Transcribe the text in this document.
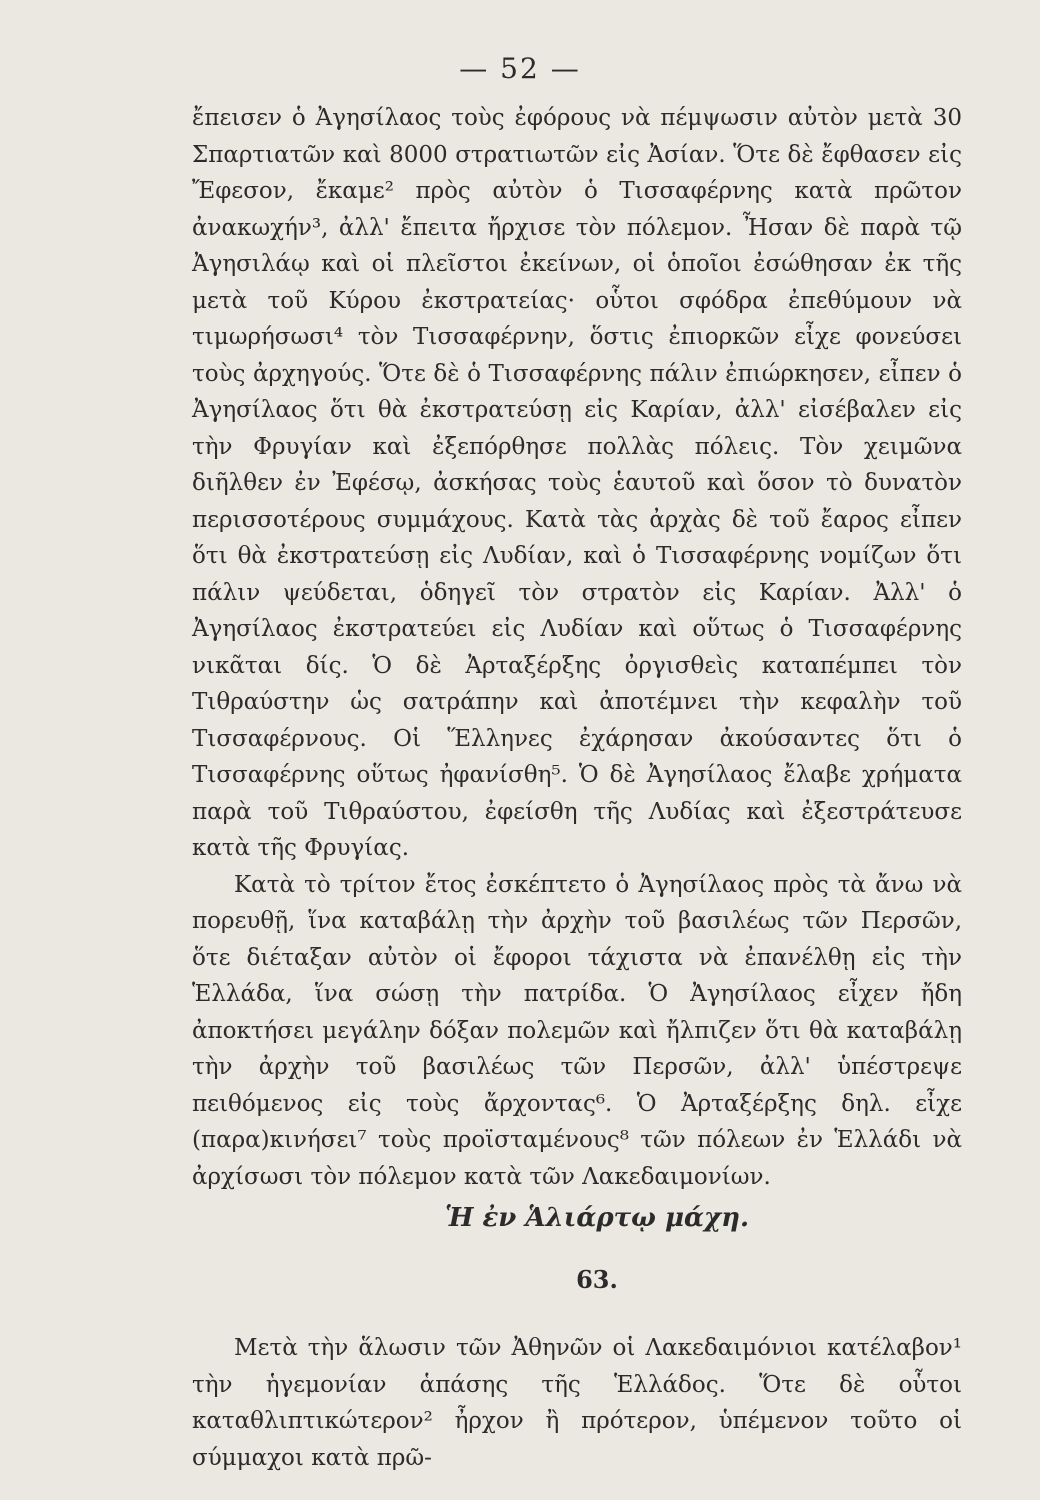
— 52 —

ἔπεισεν ὁ Ἀγησίλαος τοὺς ἐφόρους νὰ πέμψωσιν αὐτὸν μετὰ 30 Σπαρτιατῶν καὶ 8000 στρατιωτῶν εἰς Ἀσίαν. Ὅτε δὲ ἔφθασεν εἰς Ἔφεσον, ἔκαμε² πρὸς αὐτὸν ὁ Τισσαφέρνης κατὰ πρῶτον ἀνακωχήν³, ἀλλ' ἔπειτα ἤρχισε τὸν πόλεμον. Ἦσαν δὲ παρὰ τῷ Ἀγησιλάῳ καὶ οἱ πλεῖστοι ἐκείνων, οἱ ὁποῖοι ἐσώθησαν ἐκ τῆς μετὰ τοῦ Κύρου ἐκστρατείας· οὗτοι σφόδρα ἐπεθύμουν νὰ τιμωρήσωσι⁴ τὸν Τισσαφέρνην, ὅστις ἐπιορκῶν εἶχε φονεύσει τοὺς ἀρχηγούς. Ὅτε δὲ ὁ Τισσαφέρνης πάλιν ἐπιώρκησεν, εἶπεν ὁ Ἀγησίλαος ὅτι θὰ ἐκστρατεύσῃ εἰς Καρίαν, ἀλλ' εἰσέβαλεν εἰς τὴν Φρυγίαν καὶ ἐξεπόρθησε πολλὰς πόλεις. Τὸν χειμῶνα διῆλθεν ἐν Ἐφέσῳ, ἀσκήσας τοὺς ἑαυτοῦ καὶ ὅσον τὸ δυνατὸν περισσοτέρους συμμάχους. Κατὰ τὰς ἀρχὰς δὲ τοῦ ἔαρος εἶπεν ὅτι θὰ ἐκστρατεύσῃ εἰς Λυδίαν, καὶ ὁ Τισσαφέρνης νομίζων ὅτι πάλιν ψεύδεται, ὁδηγεῖ τὸν στρατὸν εἰς Καρίαν. Ἀλλ' ὁ Ἀγησίλαος ἐκστρατεύει εἰς Λυδίαν καὶ οὕτως ὁ Τισσαφέρνης νικᾶται δίς. Ὁ δὲ Ἀρταξέρξης ὀργισθεὶς καταπέμπει τὸν Τιθραύστην ὡς σατράπην καὶ ἀποτέμνει τὴν κεφαλὴν τοῦ Τισσαφέρνους. Οἱ Ἕλληνες ἐχάρησαν ἀκούσαντες ὅτι ὁ Τισσαφέρνης οὕτως ἠφανίσθη⁵. Ὁ δὲ Ἀγησίλαος ἔλαβε χρήματα παρὰ τοῦ Τιθραύστου, ἐφείσθη τῆς Λυδίας καὶ ἐξεστράτευσε κατὰ τῆς Φρυγίας.

Κατὰ τὸ τρίτον ἔτος ἐσκέπτετο ὁ Ἀγησίλαος πρὸς τὰ ἄνω νὰ πορευθῇ, ἵνα καταβάλῃ τὴν ἀρχὴν τοῦ βασιλέως τῶν Περσῶν, ὅτε διέταξαν αὐτὸν οἱ ἔφοροι τάχιστα νὰ ἐπανέλθῃ εἰς τὴν Ἑλλάδα, ἵνα σώσῃ τὴν πατρίδα. Ὁ Ἀγησίλαος εἶχεν ἤδη ἀποκτήσει μεγάλην δόξαν πολεμῶν καὶ ἤλπιζεν ὅτι θὰ καταβάλῃ τὴν ἀρχὴν τοῦ βασιλέως τῶν Περσῶν, ἀλλ' ὑπέστρεψε πειθόμενος εἰς τοὺς ἄρχοντας⁶. Ὁ Ἀρταξέρξης δηλ. εἶχε (παρα)κινήσει⁷ τοὺς προϊσταμένους⁸ τῶν πόλεων ἐν Ἑλλάδι νὰ ἀρχίσωσι τὸν πόλεμον κατὰ τῶν Λακεδαιμονίων.

Ἡ ἐν Ἁλιάρτῳ μάχη.
63.

Μετὰ τὴν ἅλωσιν τῶν Ἀθηνῶν οἱ Λακεδαιμόνιοι κατέλαβον¹ τὴν ἡγεμονίαν ἁπάσης τῆς Ἑλλάδος. Ὅτε δὲ οὗτοι καταθλιπτικώτερον² ἦρχον ἢ πρότερον, ὑπέμενον τοῦτο οἱ σύμμαχοι κατὰ πρῶ-
